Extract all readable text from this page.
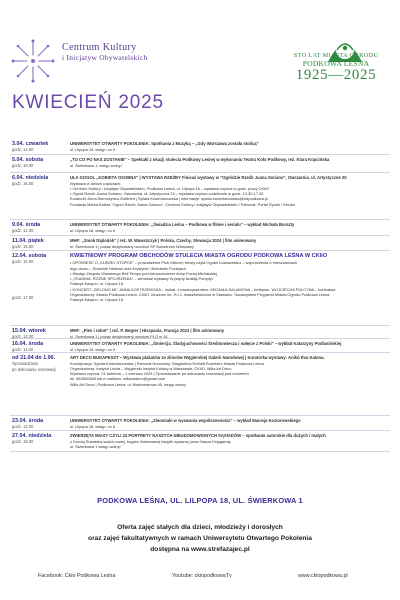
Centrum Kultury
i Inicjatyw Obywatelskich	STO LAT MIASTA OGRODU
PODKOWA LEŚNA
1925—2025
KWIECIEŃ 2025
3.04. czwartek
godz. 12.00

UNIWERSYTET OTWARTY POKOLENIA: Spotkania z Muzyką – „Gdy Warszawa została stolicą"

ul. Lilpopa 18, wstęp: co łł

5.04. sobota
godz. 18.00

„TO CO PO NAS ZOSTANIE" – Spektakl z okazji stulecia Podkowy Leśnej w wykonaniu Teatru Koło Podkowy, reż. Klara Kopcińska

ul. Świerkowa 1, wstęp wolny!

6.04. niedziela
godz. 16.00

ULA GOGOL „KOBIETA OSOBNA" | WYSTAWA RZEŹBY Finisaż wystawy w "Ogródzie Rzeźb Juana Soriano", Owczarnia. ul. Artystyczne 20

Wystawa w dwóch częściach:

• Centrum Kultury i Inicjatyw Obywatelskich, Podkowa Leśna, ul. Lilpopa 18 – wystawa czynna w godz. pracy CKIiO

• Ogród Rzeźb Juana Soriano, Owczarnia, ul. Artystyczna 20 – wystawa czynna codziennie w godz. 10.30-17.30

Kuratorki: Anna Niemczycka-Gottfried | Sylwia Krzemianowska | informacje: sylwia.krzemianowska@ckipodkowa.pl

Fundacja Marka Kalera "Ogród Rzeźb Juana Soriano", Centrum Kultury i Inicjatyw Obywatelskich / Patronat: Portal Rynek i Sztuka

9.04. środa
godz. 12.00

UNIWERSYTET OTWARTY POKOLENIA: „Świadzia Leśna – Podkowa w filmie i serialu" – wykład Michała Burszty

ul. Lilpopa 18, wstęp: co łł

11.04. piątek
godz. 15.00

MHF: „Smok Diplodok" | reż. W. Wawszczyk | Polska, Czechy, Słowacja 2024 | film animowany

ul. Świerkowa 1 | pokaz dedykowany uczniom SP Bohaterów Warszawy

12.04. sobota
godz. 15.00
godz. 17.00

KWIETNIOWY PROGRAM OBCHODÓW STULECIA MIASTA OGRODU PODKOWA LEŚNA W CKIiO

• OPOWIEŚĆ O „KURZEJ STOPCE" – prowadzenie Piotr Milcner; teksty czyta Ograni Łukaszewicz – wspomnienia o mieszkańcach

tego domu – Rodzinie Heitzów oraz Krystynie i Bohdanie Pociejach

• Występ Zespołu Wokalnego Bell Tempo pod kierownictwem Anny Pociej-Michalskiej

• „TKANINA. RÓŻNE SPOJRZENIA" – wernisaż wystawy Krystyny Araśkij-Pompfyi

Pałacyk Kasyno, ul. Lilpopa 18

• KONCERT „ZIELONO MI": ANNA KOSTRZEWSKA – wokal, z towarzyszeniem: MICHAŁA SALAMONA – fortepian, WOJCIECHA PULCYNA – kontrabas

Organizatorzy: Miasto Podkowa Leśna, CKIiO, Muzeum im. H.I.J. Iwaszkiewiczów w Stawisku, Towarzystwo Przyjaciół Miasta Ogrodu Podkowa Leśna

Pałacyk Kasyno, ul. Lilpopa 18

15.04. wtorek
godz. 12.30

MHF: „Pies i robot" | reż. P. Begrer | Hiszpania, Francja 2023 | film animowany

ul. Świerkowa 1 | pokaz dedykowany uczniom PLO nr 61

16.04. środa
godz. 11.00

UNIWERSYTET OTWARTY POKOLENIA: „Śmierćja. Śladyjuchowości Średniowiecza i nałęcie z Polski" – wykład Katarzyny Podlasińskiej

ul. Lilpopa 18, wstęp: co łł

od 21.04 do 1.06.
Oprowadzanie
po dokonaniu rezerwacji

ART DECO BUDAPESZT – Wystawa plakatów ze zbiorów Węgierskiej Galerii Narodowej | Kuratorka wystawy: Anikó Éva Kalona.

Koordynacja: Sylwia Krzemianowska | Patronat Honorowy: Magdolena Erdheff Burmistrz Miasta Podkowa Leśna

Organizatorzy: Instytut Liszta – Węgierski Instytut Kultury w Warszawie, CKIiO, Willa Art Deco

Wystawa czynna: 21 kwietnia – 1 czerwca 2025 | Oprowadzanie po dokonaniu rezerwacji pod numerem

tel. 664500368 lub e-mailowo: willaartdeco@gmail.com

Willa Art Deco | Podkowa Leśna, ul. Modrzewiowa 45, wstęp wolny!

23.04. środa
godz. 12.00

UNIWERSYTET OTWARTY POKOLENIA: „Ziemniaki w wyzwania współczesności" – wykład Macieja Koziorowskiego

ul. Lilpopa 18, wstęp: co łł

27.04. niedziela
godz. 18.00

ZWIERZĘTA MIAST CZYLI 22 PORTRETY NASZYCH NIEUDOMOWIONYCH SĄSIADÓW – spotkanie autorskie dla dużych i małych

z Dorotą Suwalską wokół nowej, bogato ilustrowanej książki wydanej przez Nasza Księgarnię

ul. Świerkowa 1 wstęp wolny!

PODKOWA LEŚNA, UL. LILPOPA 18, UL. ŚWIERKOWA 1
Oferta zajęć stałych dla dzieci, młodzieży i dorosłych
oraz zajęć fakultatywnych w ramach Uniwersytetu Otwartego Pokolenia
dostępna na www.strefazajec.pl
Facebook: Ckio Podkowa Leśna	Youtube: ckiopodkowaTv	www.ckiopodkowa.pl
